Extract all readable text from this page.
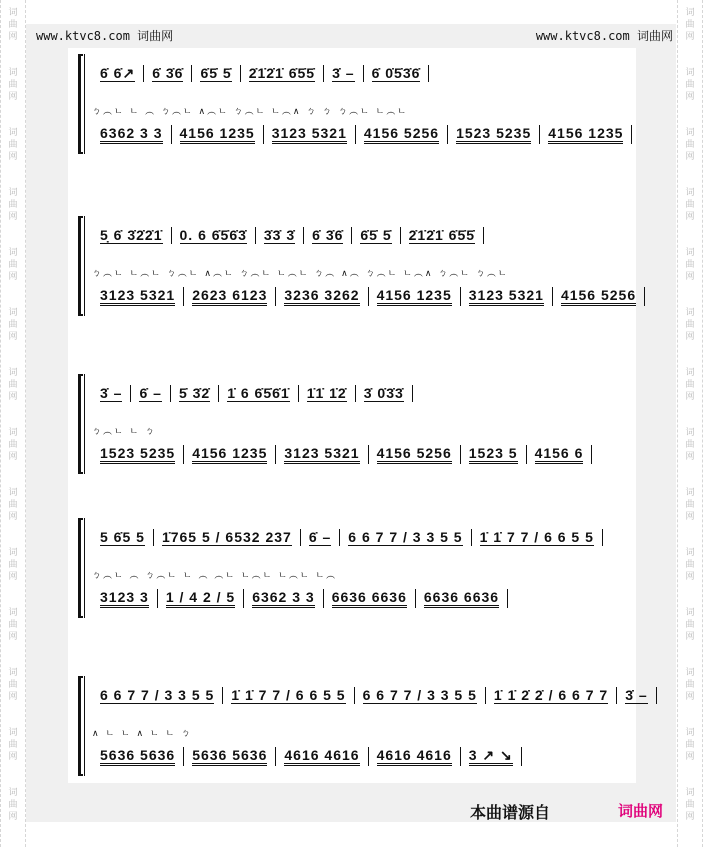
词
曲
网
词
曲
网
词
曲
网
词
曲
网
词
曲
网
词
曲
网
词
曲
网
词
曲
网
词
曲
网
词
曲
网
词
曲
网
词
曲
网
词
曲
网
词
曲
网
词
曲
网
词
曲
网
词
曲
网
词
曲
网
词
曲
网
词
曲
网
词
曲
网
词
曲
网
词
曲
网
词
曲
网
词
曲
网
词
曲
网
词
曲
网
词
曲
网
www.ktvc8.com 词曲网	www.ktvc8.com 词曲网
6̇ 6̇↗ 6̇ 3̇6̇ 6̇5̇ 5̇ 2̇1̇2̇1̇ 6̇5̇5̇ 3̇ – 6̇ 0̇5̇3̇6̇
ㄅ︵ㄴ ㄴ ︵ ㄅ︵ㄴ ∧︵ㄴ ㄅ︵ㄴ ㄴ︵∧ ㄅ ㄅ ㄅ︵ㄴ ㄴ︵ㄴ
6362 3 3 4156 1235 3123 5321 4156 5256 1523 5235 4156 1235
5̣ 6̇ 3̇2̇2̇1̇ 0. 6 6̇5̇6̇3̇ 3̇3̇ 3̇ 6̇ 3̇6̇ 6̇5̇ 5̇ 2̇1̇2̇1̇ 6̇5̇5̇
ㄅ︵ㄴ ㄴ︵ㄴ ㄅ︵ㄴ ∧︵ㄴ ㄅ︵ㄴ ㄴ︵ㄴ ㄅ︵ ∧︵ ㄅ︵ㄴ ㄴ︵∧ ㄅ︵ㄴ ㄅ︵ㄴ
3123 5321 2623 6123 3236 3262 4156 1235 3123 5321 4156 5256
3̇ – 6̇ – 5̇ 3̇2̇ 1̇ 6 6̇5̇6̇1̇ 1̇1̇ 1̇2̇ 3̇ 0̇3̇3̇
ㄅ︵ㄴ ㄴ ㄅ
1523 5235 4156 1235 3123 5321 4156 5256 1523 5 4156 6
5 6̇5 5 1̇765 5 / 6532 237 6̇ – 6 6 7 7 / 3 3 5 5 1̇ 1̇ 7 7 / 6 6 5 5
ㄅ︵ㄴ ︵ ㄅ︵ㄴ ㄴ ︵ ︵ㄴ ㄴ︵ㄴ ㄴ︵ㄴ ㄴ︵
3123 3 1 / 4 2 / 5 6362 3 3 6636 6636 6636 6636
6 6 7 7 / 3 3 5 5 1̇ 1̇ 7 7 / 6 6 5 5 6 6 7 7 / 3 3 5 5 1̇ 1̇ 2̇ 2̇ / 6 6 7 7 3̇ –
∧ ㄴ ㄴ ∧ ㄴ ㄴ ㄅ
5636 5636 5636 5636 4616 4616 4616 4616 3 ↗ ↘
本曲谱源自	词曲网
